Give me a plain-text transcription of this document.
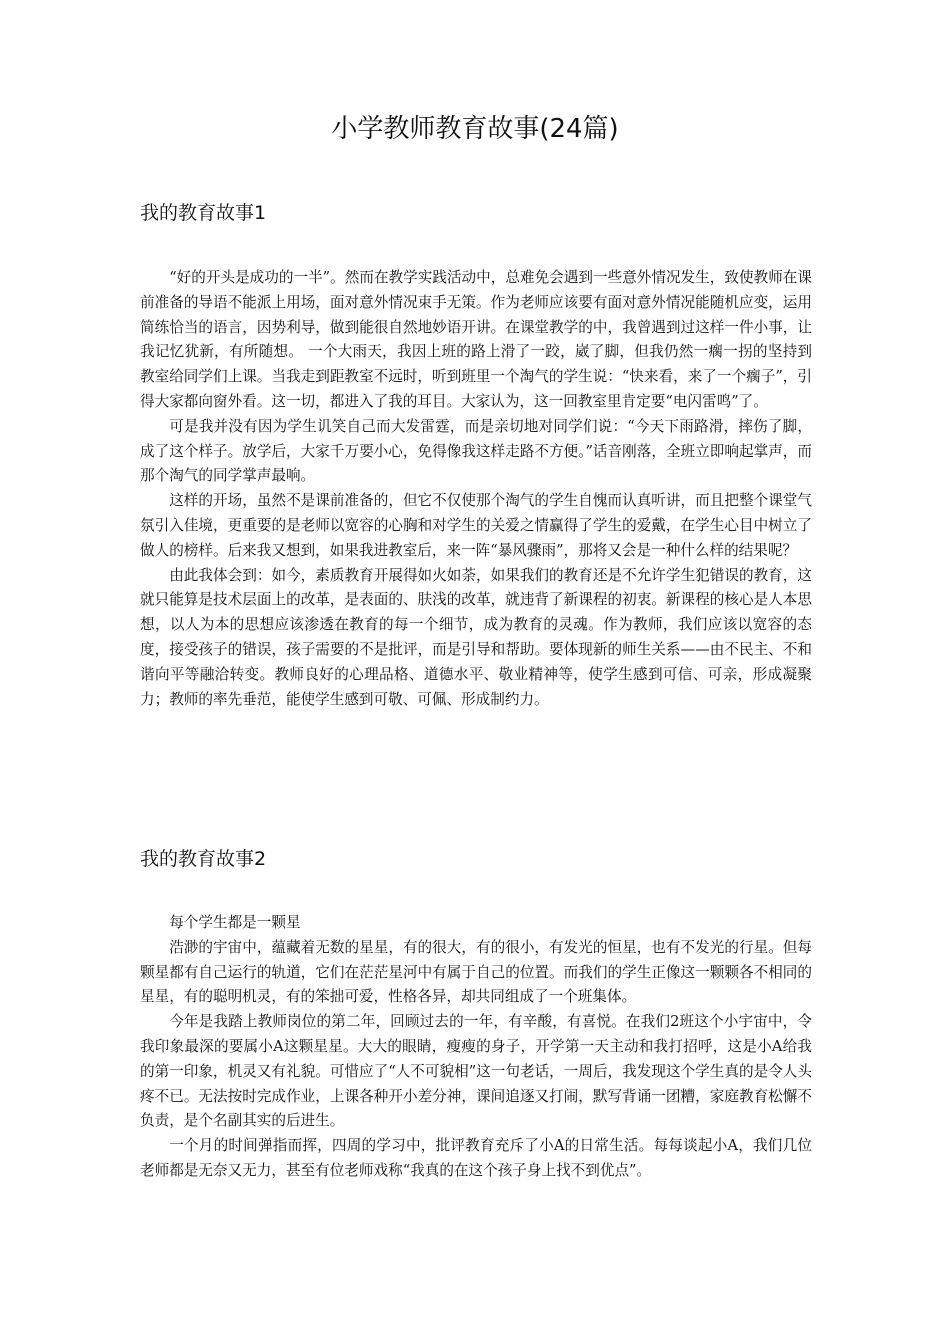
小学教师教育故事(24篇)
我的教育故事1

“好的开头是成功的一半”。然而在教学实践活动中，总难免会遇到一些意外情况发生，致使教师在课前准备的导语不能派上用场，面对意外情况束手无策。作为老师应该要有面对意外情况能随机应变，运用简练恰当的语言，因势利导，做到能很自然地妙语开讲。在课堂教学的中，我曾遇到过这样一件小事，让我记忆犹新，有所随想。 一个大雨天，我因上班的路上滑了一跤，崴了脚，但我仍然一瘸一拐的坚持到教室给同学们上课。当我走到距教室不远时，听到班里一个淘气的学生说：“快来看，来了一个瘸子”，引得大家都向窗外看。这一切，都进入了我的耳目。大家认为，这一回教室里肯定要“电闪雷鸣”了。

可是我并没有因为学生讥笑自己而大发雷霆，而是亲切地对同学们说：“今天下雨路滑，摔伤了脚，成了这个样子。放学后，大家千万要小心，免得像我这样走路不方便。”话音刚落，全班立即响起掌声，而那个淘气的同学掌声最响。

这样的开场，虽然不是课前准备的，但它不仅使那个淘气的学生自愧而认真听讲，而且把整个课堂气氛引入佳境，更重要的是老师以宽容的心胸和对学生的关爱之情赢得了学生的爱戴，在学生心目中树立了做人的榜样。后来我又想到，如果我进教室后，来一阵“暴风骤雨”，那将又会是一种什么样的结果呢？

由此我体会到：如今，素质教育开展得如火如荼，如果我们的教育还是不允许学生犯错误的教育，这就只能算是技术层面上的改革，是表面的、肤浅的改革，就违背了新课程的初衷。新课程的核心是人本思想，以人为本的思想应该渗透在教育的每一个细节，成为教育的灵魂。作为教师，我们应该以宽容的态度，接受孩子的错误，孩子需要的不是批评，而是引导和帮助。要体现新的师生关系——由不民主、不和谐向平等融洽转变。教师良好的心理品格、道德水平、敬业精神等，使学生感到可信、可亲，形成凝聚力；教师的率先垂范，能使学生感到可敬、可佩、形成制约力。

我的教育故事2

每个学生都是一颗星

浩渺的宇宙中，蕴藏着无数的星星，有的很大，有的很小，有发光的恒星，也有不发光的行星。但每颗星都有自己运行的轨道，它们在茫茫星河中有属于自己的位置。而我们的学生正像这一颗颗各不相同的星星，有的聪明机灵，有的笨拙可爱，性格各异，却共同组成了一个班集体。

今年是我踏上教师岗位的第二年，回顾过去的一年，有辛酸，有喜悦。在我们2班这个小宇宙中，令我印象最深的要属小A这颗星星。大大的眼睛，瘦瘦的身子，开学第一天主动和我打招呼，这是小A给我的第一印象，机灵又有礼貌。可惜应了“人不可貌相”这一句老话，一周后，我发现这个学生真的是令人头疼不已。无法按时完成作业，上课各种开小差分神，课间追逐又打闹，默写背诵一团糟，家庭教育松懈不负责，是个名副其实的后进生。

一个月的时间弹指而挥，四周的学习中，批评教育充斥了小A的日常生活。每每谈起小A，我们几位老师都是无奈又无力，甚至有位老师戏称“我真的在这个孩子身上找不到优点”。
